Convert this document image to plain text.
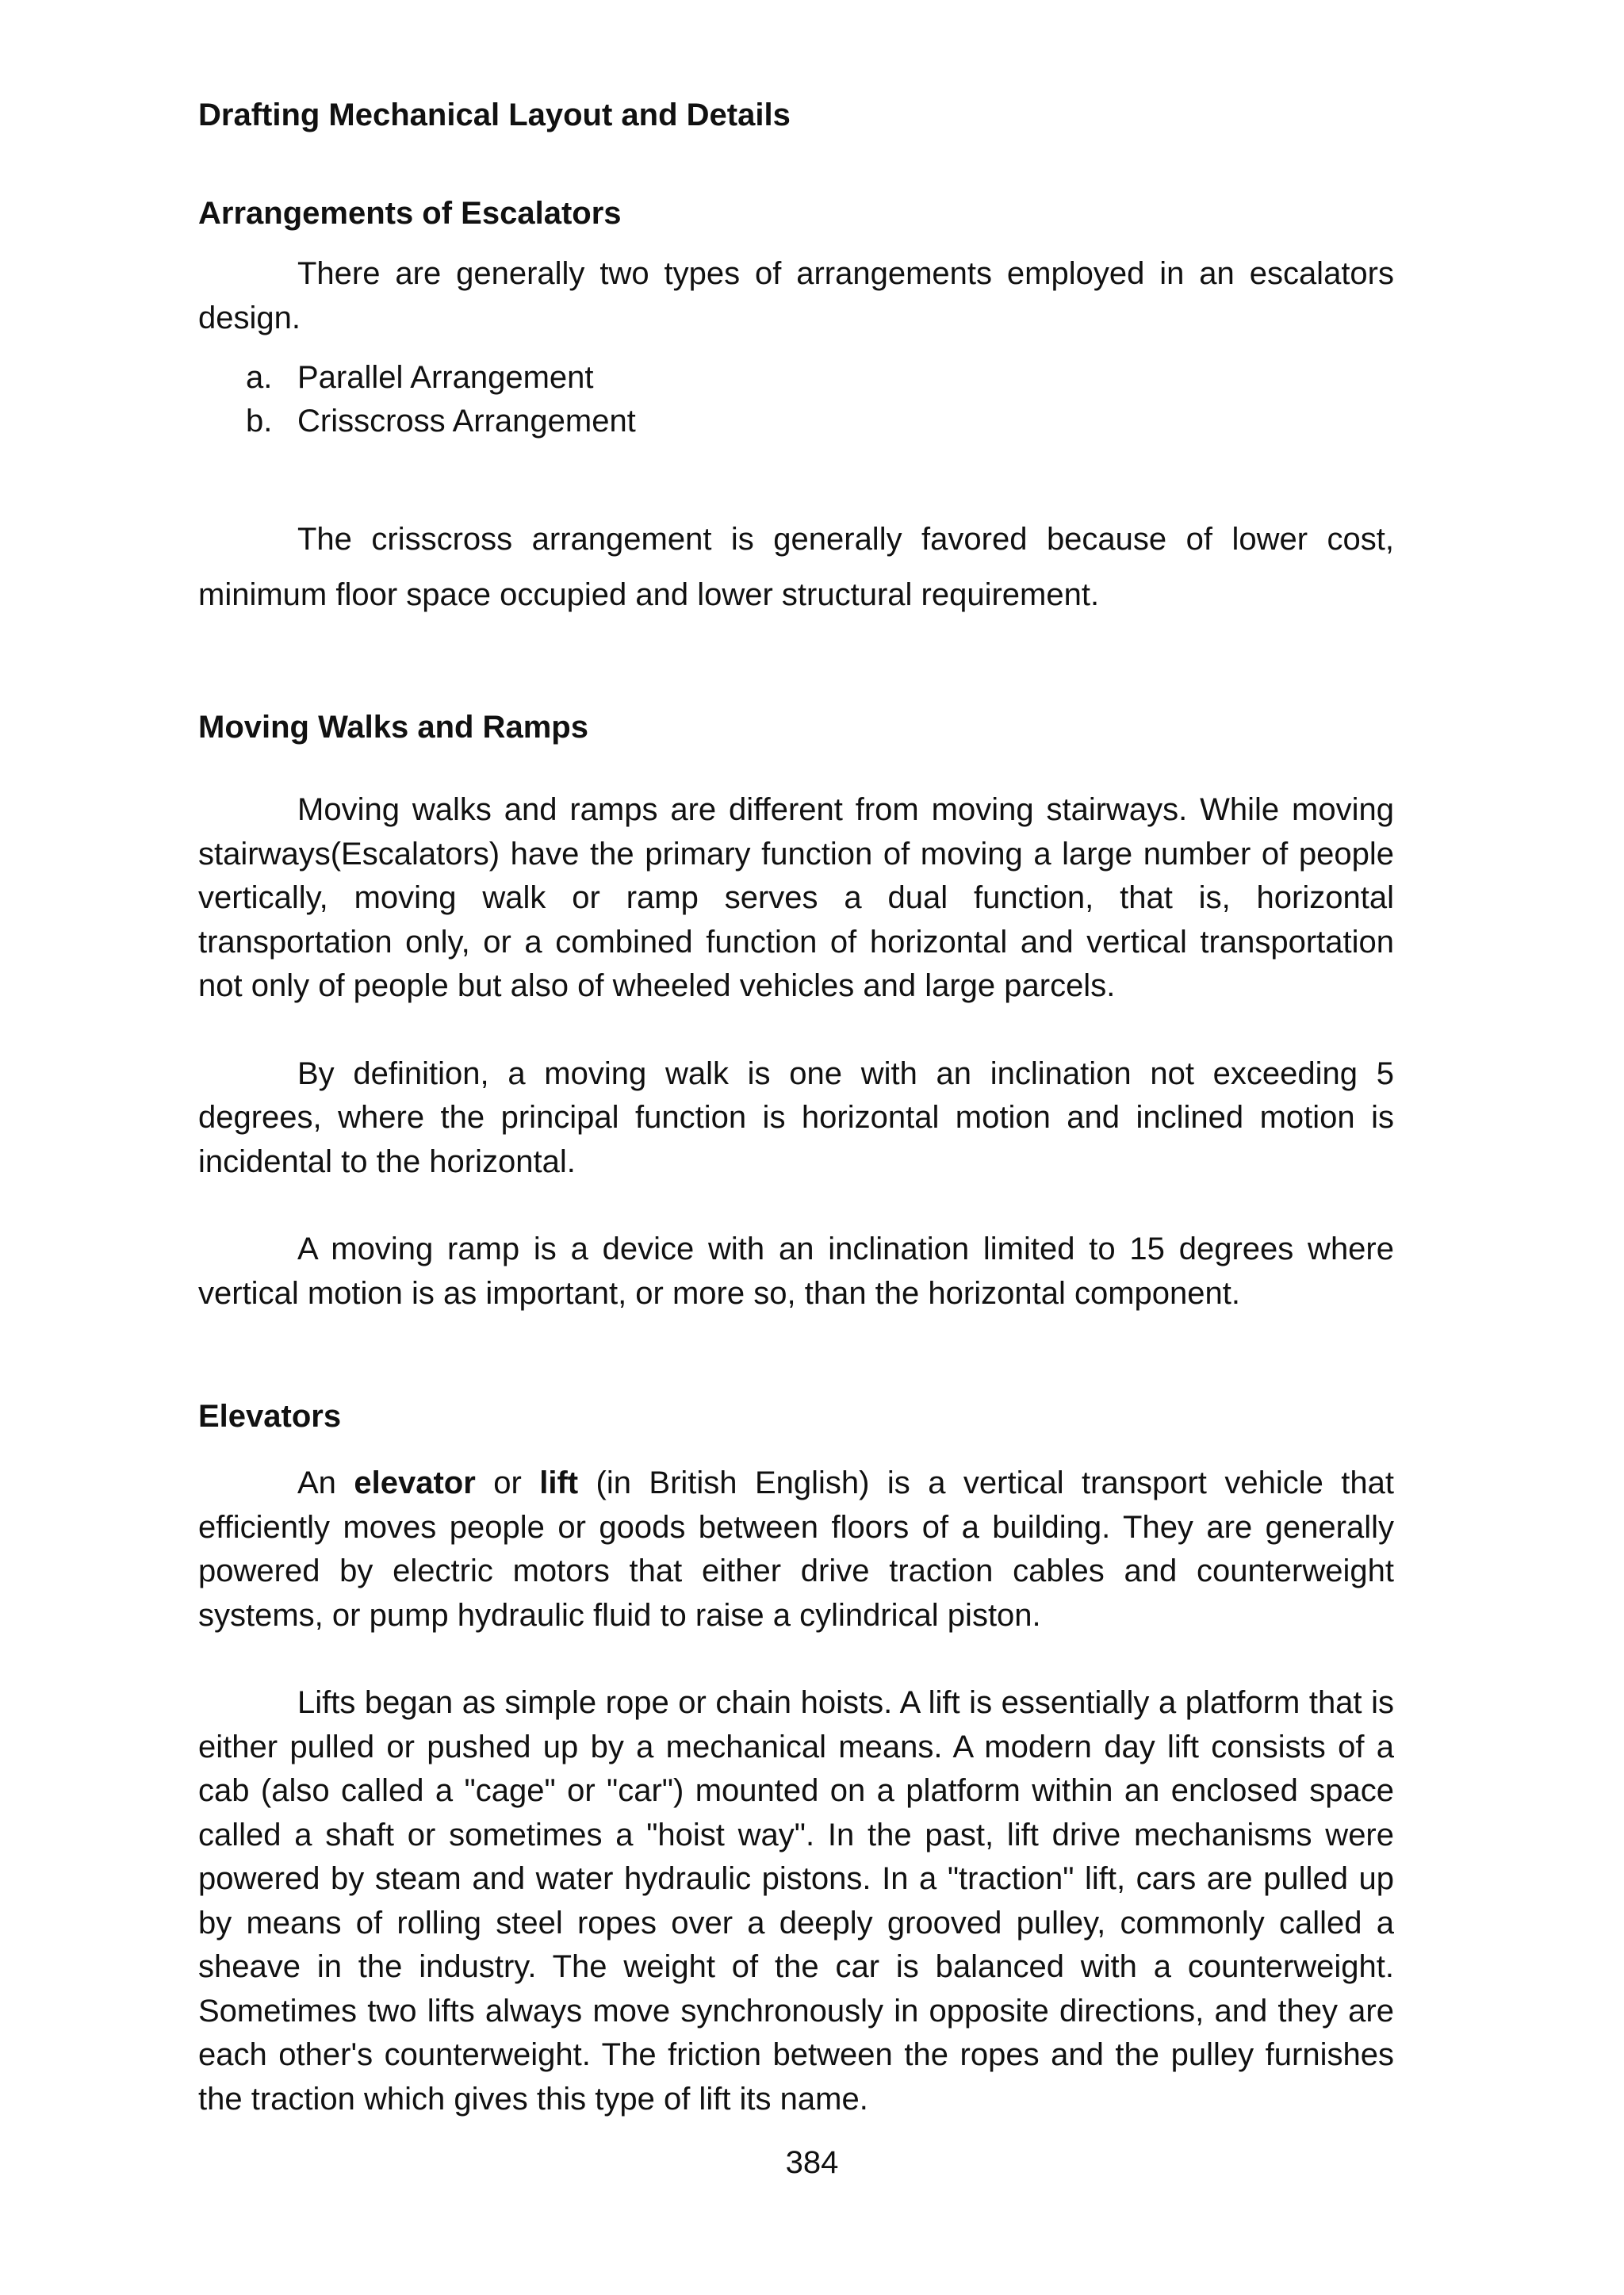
Drafting Mechanical Layout and Details
Arrangements of Escalators

There are generally two types of arrangements employed in an escalators design.

a. Parallel Arrangement
b. Crisscross Arrangement

The crisscross arrangement is generally favored because of lower cost, minimum floor space occupied and lower structural requirement.

Moving Walks and Ramps

Moving walks and ramps are different from moving stairways. While moving stairways(Escalators) have the primary function of moving a large number of people vertically, moving walk or ramp serves a dual function, that is, horizontal transportation only, or a combined function of horizontal and vertical transportation not only of people but also of wheeled vehicles and large parcels.

By definition, a moving walk is one with an inclination not exceeding 5 degrees, where the principal function is horizontal motion and inclined motion is incidental to the horizontal.

A moving ramp is a device with an inclination limited to 15 degrees where vertical motion is as important, or more so, than the horizontal component.

Elevators

An elevator or lift (in British English) is a vertical transport vehicle that efficiently moves people or goods between floors of a building. They are generally powered by electric motors that either drive traction cables and counterweight systems, or pump hydraulic fluid to raise a cylindrical piston.

Lifts began as simple rope or chain hoists. A lift is essentially a platform that is either pulled or pushed up by a mechanical means. A modern day lift consists of a cab (also called a "cage" or "car") mounted on a platform within an enclosed space called a shaft or sometimes a "hoist way". In the past, lift drive mechanisms were powered by steam and water hydraulic pistons. In a "traction" lift, cars are pulled up by means of rolling steel ropes over a deeply grooved pulley, commonly called a sheave in the industry. The weight of the car is balanced with a counterweight. Sometimes two lifts always move synchronously in opposite directions, and they are each other's counterweight. The friction between the ropes and the pulley furnishes the traction which gives this type of lift its name.

384
